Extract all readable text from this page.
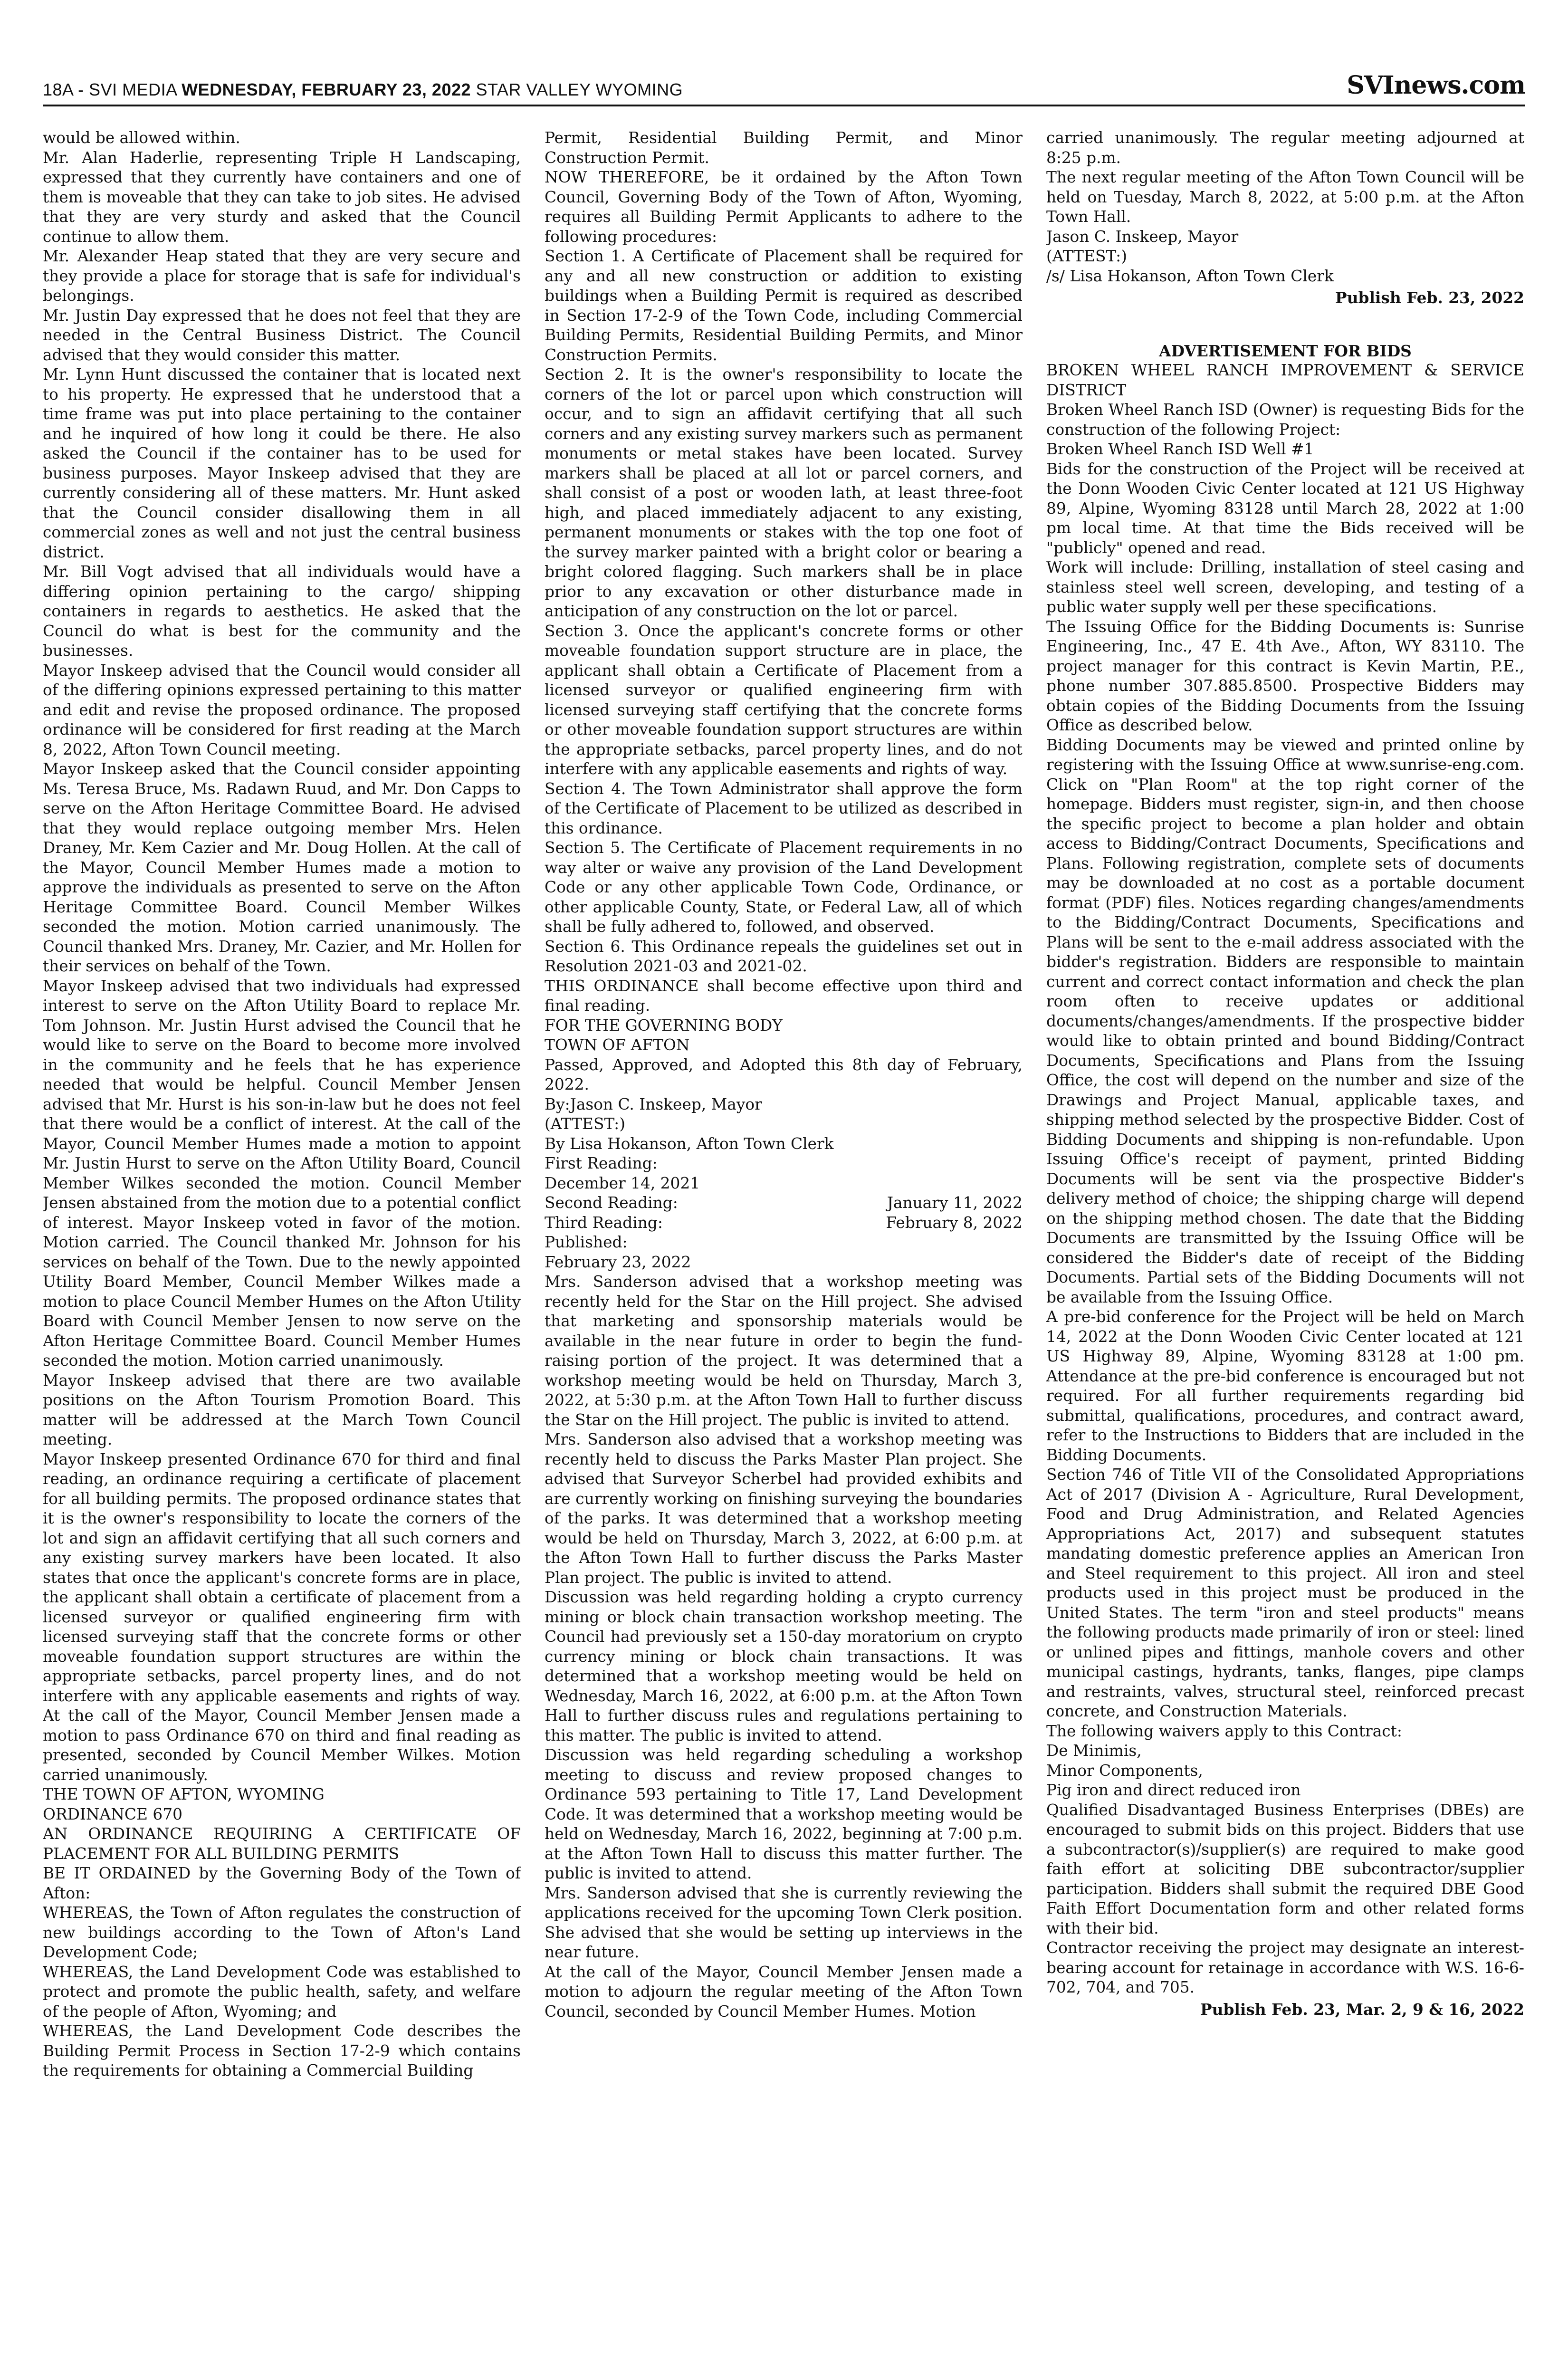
18A - SVI MEDIA WEDNESDAY, FEBRUARY 23, 2022 STAR VALLEY WYOMING	SVInews.com

would be allowed within.

Mr. Alan Haderlie, representing Triple H Landscaping, expressed that they currently have containers and one of them is moveable that they can take to job sites. He advised that they are very sturdy and asked that the Council continue to allow them.

Mr. Alexander Heap stated that they are very secure and they provide a place for storage that is safe for individual's belongings.

Mr. Justin Day expressed that he does not feel that they are needed in the Central Business District. The Council advised that they would consider this matter.

Mr. Lynn Hunt discussed the container that is located next to his property. He expressed that he understood that a time frame was put into place pertaining to the container and he inquired of how long it could be there. He also asked the Council if the container has to be used for business purposes. Mayor Inskeep advised that they are currently considering all of these matters. Mr. Hunt asked that the Council consider disallowing them in all commercial zones as well and not just the central business district.

Mr. Bill Vogt advised that all individuals would have a differing opinion pertaining to the cargo/ shipping containers in regards to aesthetics. He asked that the Council do what is best for the community and the businesses.

Mayor Inskeep advised that the Council would consider all of the differing opinions expressed pertaining to this matter and edit and revise the proposed ordinance. The proposed ordinance will be considered for first reading at the March 8, 2022, Afton Town Council meeting.

Mayor Inskeep asked that the Council consider appointing Ms. Teresa Bruce, Ms. Radawn Ruud, and Mr. Don Capps to serve on the Afton Heritage Committee Board. He advised that they would replace outgoing member Mrs. Helen Draney, Mr. Kem Cazier and Mr. Doug Hollen. At the call of the Mayor, Council Member Humes made a motion to approve the individuals as presented to serve on the Afton Heritage Committee Board. Council Member Wilkes seconded the motion. Motion carried unanimously. The Council thanked Mrs. Draney, Mr. Cazier, and Mr. Hollen for their services on behalf of the Town.

Mayor Inskeep advised that two individuals had expressed interest to serve on the Afton Utility Board to replace Mr. Tom Johnson. Mr. Justin Hurst advised the Council that he would like to serve on the Board to become more involved in the community and he feels that he has experience needed that would be helpful. Council Member Jensen advised that Mr. Hurst is his son-in-law but he does not feel that there would be a conflict of interest. At the call of the Mayor, Council Member Humes made a motion to appoint Mr. Justin Hurst to serve on the Afton Utility Board, Council Member Wilkes seconded the motion. Council Member Jensen abstained from the motion due to a potential conflict of interest. Mayor Inskeep voted in favor of the motion. Motion carried. The Council thanked Mr. Johnson for his services on behalf of the Town. Due to the newly appointed Utility Board Member, Council Member Wilkes made a motion to place Council Member Humes on the Afton Utility Board with Council Member Jensen to now serve on the Afton Heritage Committee Board. Council Member Humes seconded the motion. Motion carried unanimously.

Mayor Inskeep advised that there are two available positions on the Afton Tourism Promotion Board. This matter will be addressed at the March Town Council meeting.

Mayor Inskeep presented Ordinance 670 for third and final reading, an ordinance requiring a certificate of placement for all building permits. The proposed ordinance states that it is the owner's responsibility to locate the corners of the lot and sign an affidavit certifying that all such corners and any existing survey markers have been located. It also states that once the applicant's concrete forms are in place, the applicant shall obtain a certificate of placement from a licensed surveyor or qualified engineering firm with licensed surveying staff that the concrete forms or other moveable foundation support structures are within the appropriate setbacks, parcel property lines, and do not interfere with any applicable easements and rights of way. At the call of the Mayor, Council Member Jensen made a motion to pass Ordinance 670 on third and final reading as presented, seconded by Council Member Wilkes. Motion carried unanimously.

THE TOWN OF AFTON, WYOMING

ORDINANCE 670

AN ORDINANCE REQUIRING A CERTIFICATE OF PLACEMENT FOR ALL BUILDING PERMITS

BE IT ORDAINED by the Governing Body of the Town of Afton:

WHEREAS, the Town of Afton regulates the construction of new buildings according to the Town of Afton's Land Development Code;

WHEREAS, the Land Development Code was established to protect and promote the public health, safety, and welfare of the people of Afton, Wyoming; and

WHEREAS, the Land Development Code describes the Building Permit Process in Section 17-2-9 which contains the requirements for obtaining a Commercial Building

Permit, Residential Building Permit, and Minor Construction Permit.

NOW THEREFORE, be it ordained by the Afton Town Council, Governing Body of the Town of Afton, Wyoming, requires all Building Permit Applicants to adhere to the following procedures:

Section 1. A Certificate of Placement shall be required for any and all new construction or addition to existing buildings when a Building Permit is required as described in Section 17-2-9 of the Town Code, including Commercial Building Permits, Residential Building Permits, and Minor Construction Permits.

Section 2. It is the owner's responsibility to locate the corners of the lot or parcel upon which construction will occur, and to sign an affidavit certifying that all such corners and any existing survey markers such as permanent monuments or metal stakes have been located. Survey markers shall be placed at all lot or parcel corners, and shall consist of a post or wooden lath, at least three-foot high, and placed immediately adjacent to any existing, permanent monuments or stakes with the top one foot of the survey marker painted with a bright color or bearing a bright colored flagging. Such markers shall be in place prior to any excavation or other disturbance made in anticipation of any construction on the lot or parcel.

Section 3. Once the applicant's concrete forms or other moveable foundation support structure are in place, the applicant shall obtain a Certificate of Placement from a licensed surveyor or qualified engineering firm with licensed surveying staff certifying that the concrete forms or other moveable foundation support structures are within the appropriate setbacks, parcel property lines, and do not interfere with any applicable easements and rights of way.

Section 4. The Town Administrator shall approve the form of the Certificate of Placement to be utilized as described in this ordinance.

Section 5. The Certificate of Placement requirements in no way alter or waive any provision of the Land Development Code or any other applicable Town Code, Ordinance, or other applicable County, State, or Federal Law, all of which shall be fully adhered to, followed, and observed.

Section 6. This Ordinance repeals the guidelines set out in Resolution 2021-03 and 2021-02.

THIS ORDINANCE shall become effective upon third and final reading.

FOR THE GOVERNING BODY

TOWN OF AFTON

Passed, Approved, and Adopted this 8th day of February, 2022.

By:Jason C. Inskeep, Mayor

(ATTEST:)

By Lisa Hokanson, Afton Town Clerk

First Reading:

December 14, 2021

Second Reading:	January 11, 2022
Third Reading:	February 8, 2022

Published:

February 23, 2022

Mrs. Sanderson advised that a workshop meeting was recently held for the Star on the Hill project. She advised that marketing and sponsorship materials would be available in the near future in order to begin the fund-raising portion of the project. It was determined that a workshop meeting would be held on Thursday, March 3, 2022, at 5:30 p.m. at the Afton Town Hall to further discuss the Star on the Hill project. The public is invited to attend.

Mrs. Sanderson also advised that a workshop meeting was recently held to discuss the Parks Master Plan project. She advised that Surveyor Scherbel had provided exhibits and are currently working on finishing surveying the boundaries of the parks. It was determined that a workshop meeting would be held on Thursday, March 3, 2022, at 6:00 p.m. at the Afton Town Hall to further discuss the Parks Master Plan project. The public is invited to attend.

Discussion was held regarding holding a crypto currency mining or block chain transaction workshop meeting. The Council had previously set a 150-day moratorium on crypto currency mining or block chain transactions. It was determined that a workshop meeting would be held on Wednesday, March 16, 2022, at 6:00 p.m. at the Afton Town Hall to further discuss rules and regulations pertaining to this matter. The public is invited to attend.

Discussion was held regarding scheduling a workshop meeting to discuss and review proposed changes to Ordinance 593 pertaining to Title 17, Land Development Code. It was determined that a workshop meeting would be held on Wednesday, March 16, 2022, beginning at 7:00 p.m. at the Afton Town Hall to discuss this matter further. The public is invited to attend.

Mrs. Sanderson advised that she is currently reviewing the applications received for the upcoming Town Clerk position. She advised that she would be setting up interviews in the near future.

At the call of the Mayor, Council Member Jensen made a motion to adjourn the regular meeting of the Afton Town Council, seconded by Council Member Humes. Motion

carried unanimously. The regular meeting adjourned at 8:25 p.m.

The next regular meeting of the Afton Town Council will be held on Tuesday, March 8, 2022, at 5:00 p.m. at the Afton Town Hall.

Jason C. Inskeep, Mayor

(ATTEST:)

/s/ Lisa Hokanson, Afton Town Clerk

Publish Feb. 23, 2022
ADVERTISEMENT FOR BIDS

BROKEN WHEEL RANCH IMPROVEMENT & SERVICE DISTRICT

Broken Wheel Ranch ISD (Owner) is requesting Bids for the construction of the following Project:

Broken Wheel Ranch ISD Well #1

Bids for the construction of the Project will be received at the Donn Wooden Civic Center located at 121 US Highway 89, Alpine, Wyoming 83128 until March 28, 2022 at 1:00 pm local time. At that time the Bids received will be "publicly" opened and read.

Work will include: Drilling, installation of steel casing and stainless steel well screen, developing, and testing of a public water supply well per these specifications.

The Issuing Office for the Bidding Documents is: Sunrise Engineering, Inc., 47 E. 4th Ave., Afton, WY 83110. The project manager for this contract is Kevin Martin, P.E., phone number 307.885.8500. Prospective Bidders may obtain copies of the Bidding Documents from the Issuing Office as described below.

Bidding Documents may be viewed and printed online by registering with the Issuing Office at www.sunrise-eng.com. Click on "Plan Room" at the top right corner of the homepage. Bidders must register, sign-in, and then choose the specific project to become a plan holder and obtain access to Bidding/Contract Documents, Specifications and Plans. Following registration, complete sets of documents may be downloaded at no cost as a portable document format (PDF) files. Notices regarding changes/amendments to the Bidding/Contract Documents, Specifications and Plans will be sent to the e-mail address associated with the bidder's registration. Bidders are responsible to maintain current and correct contact information and check the plan room often to receive updates or additional documents/changes/amendments. If the prospective bidder would like to obtain printed and bound Bidding/Contract Documents, Specifications and Plans from the Issuing Office, the cost will depend on the number and size of the Drawings and Project Manual, applicable taxes, and shipping method selected by the prospective Bidder. Cost of Bidding Documents and shipping is non-refundable. Upon Issuing Office's receipt of payment, printed Bidding Documents will be sent via the prospective Bidder's delivery method of choice; the shipping charge will depend on the shipping method chosen. The date that the Bidding Documents are transmitted by the Issuing Office will be considered the Bidder's date of receipt of the Bidding Documents. Partial sets of the Bidding Documents will not be available from the Issuing Office.

A pre-bid conference for the Project will be held on March 14, 2022 at the Donn Wooden Civic Center located at 121 US Highway 89, Alpine, Wyoming 83128 at 1:00 pm. Attendance at the pre-bid conference is encouraged but not required. For all further requirements regarding bid submittal, qualifications, procedures, and contract award, refer to the Instructions to Bidders that are included in the Bidding Documents.

Section 746 of Title VII of the Consolidated Appropriations Act of 2017 (Division A - Agriculture, Rural Development, Food and Drug Administration, and Related Agencies Appropriations Act, 2017) and subsequent statutes mandating domestic preference applies an American Iron and Steel requirement to this project. All iron and steel products used in this project must be produced in the United States. The term "iron and steel products" means the following products made primarily of iron or steel: lined or unlined pipes and fittings, manhole covers and other municipal castings, hydrants, tanks, flanges, pipe clamps and restraints, valves, structural steel, reinforced precast concrete, and Construction Materials.

The following waivers apply to this Contract:

De Minimis,

Minor Components,

Pig iron and direct reduced iron

Qualified Disadvantaged Business Enterprises (DBEs) are encouraged to submit bids on this project. Bidders that use a subcontractor(s)/supplier(s) are required to make good faith effort at soliciting DBE subcontractor/supplier participation. Bidders shall submit the required DBE Good Faith Effort Documentation form and other related forms with their bid.

Contractor receiving the project may designate an interest-bearing account for retainage in accordance with W.S. 16-6-702, 704, and 705.

Publish Feb. 23, Mar. 2, 9 & 16, 2022
